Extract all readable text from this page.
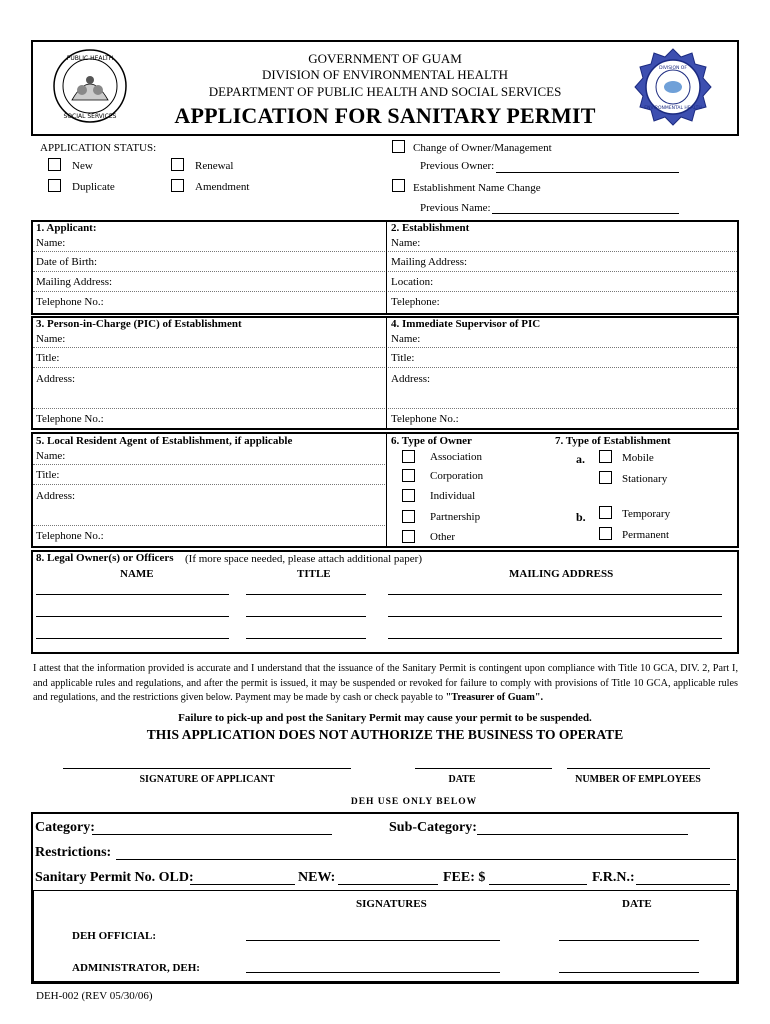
PUBLIC HEALTH
SOCIAL SERVICES
DIVISION OF
ENVIRONMENTAL HEALTH
GOVERNMENT OF GUAM
DIVISION OF ENVIRONMENTAL HEALTH
DEPARTMENT OF PUBLIC HEALTH AND SOCIAL SERVICES
APPLICATION FOR SANITARY PERMIT
APPLICATION STATUS:
New	Renewal
Duplicate	Amendment
Change of Owner/Management
Previous Owner:
Establishment Name Change
Previous Name:
1. Applicant:
Name:
Date of Birth:
Mailing Address:
Telephone No.:
2. Establishment
Name:
Mailing Address:
Location:
Telephone:
3. Person-in-Charge (PIC) of Establishment
Name:
Title:
Address:
Telephone No.:
4. Immediate Supervisor of PIC
Name:
Title:
Address:
Telephone No.:
5. Local Resident Agent of Establishment, if applicable
Name:
Title:
Address:
Telephone No.:
6. Type of Owner
Association
Corporation
Individual
Partnership
Other
7. Type of Establishment
a.	Mobile
Stationary
b.	Temporary
Permanent
8. Legal Owner(s) or Officers (If more space needed, please attach additional paper)
NAME	TITLE	MAILING ADDRESS
I attest that the information provided is accurate and I understand that the issuance of the Sanitary Permit is contingent upon compliance with Title 10 GCA, DIV. 2, Part I, and applicable rules and regulations, and after the permit is issued, it may be suspended or revoked for failure to comply with provisions of Title 10 GCA, applicable rules and regulations, and the restrictions given below. Payment may be made by cash or check payable to "Treasurer of Guam".
Failure to pick-up and post the Sanitary Permit may cause your permit to be suspended.
THIS APPLICATION DOES NOT AUTHORIZE THE BUSINESS TO OPERATE
SIGNATURE OF APPLICANT	DATE	NUMBER OF EMPLOYEES
DEH USE ONLY BELOW
Category:	Sub-Category:
Restrictions:
Sanitary Permit No. OLD:	NEW:	FEE: $	F.R.N.:
SIGNATURES	DATE
DEH OFFICIAL:
ADMINISTRATOR, DEH:
DEH-002 (REV 05/30/06)
